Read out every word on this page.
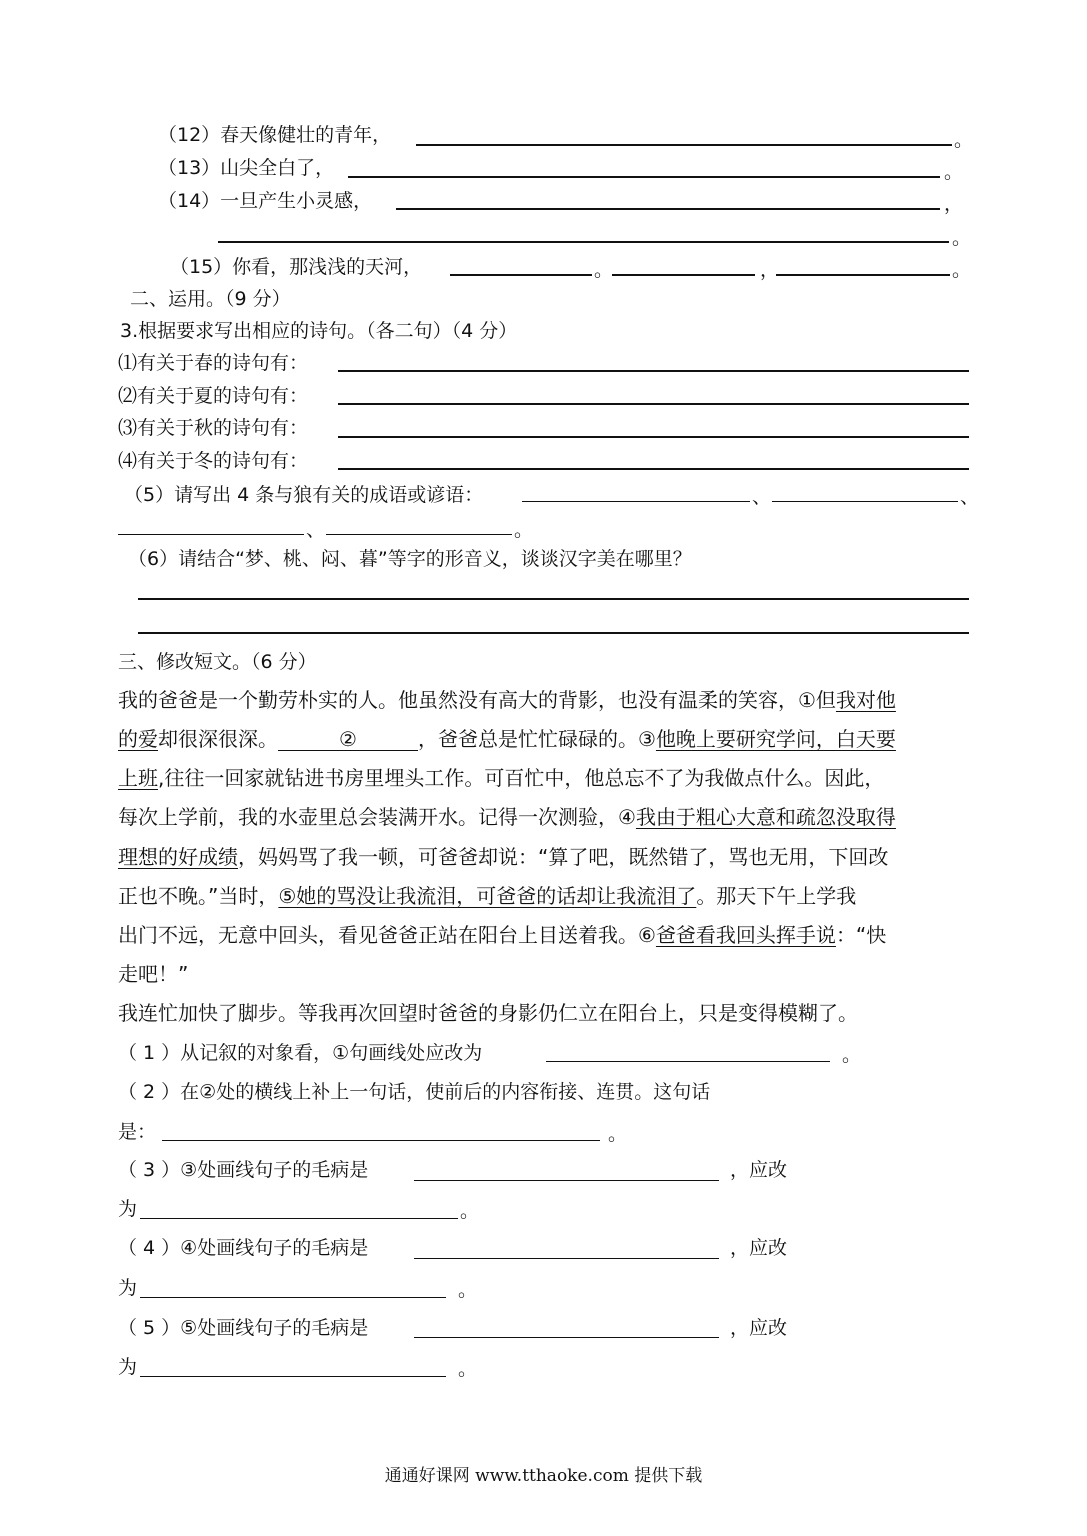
（12）春天像健壮的青年，	。
（13）山尖全白了，	。
（14）一旦产生小灵感，	，
。
（15）你看，那浅浅的天河，	。	，	。
二、运用。（9 分）
3.根据要求写出相应的诗句。（各二句）（4 分）
⑴有关于春的诗句有：
⑵有关于夏的诗句有：
⑶有关于秋的诗句有：
⑷有关于冬的诗句有：
（5）请写出 4 条与狼有关的成语或谚语：	、	、
、	。
（6）请结合“梦、桃、闷、暮”等字的形音义，谈谈汉字美在哪里？
三、修改短文。（6 分）
我的爸爸是一个勤劳朴实的人。他虽然没有高大的背影，也没有温柔的笑容，①但我对他
的爱却很深很深。	②	，爸爸总是忙忙碌碌的。③他晚上要研究学问，白天要
上班,往往一回家就钻进书房里埋头工作。可百忙中，他总忘不了为我做点什么。因此，
每次上学前，我的水壶里总会装满开水。记得一次测验，④我由于粗心大意和疏忽没取得
理想的好成绩，妈妈骂了我一顿，可爸爸却说：“算了吧，既然错了，骂也无用，下回改
正也不晚。”当时，⑤她的骂没让我流泪，可爸爸的话却让我流泪了。那天下午上学我
出门不远，无意中回头，看见爸爸正站在阳台上目送着我。⑥爸爸看我回头挥手说：“快
走吧！”
我连忙加快了脚步。等我再次回望时爸爸的身影仍仁立在阳台上，只是变得模糊了。
（ 1 ）从记叙的对象看，①句画线处应改为	。
（ 2 ）在②处的横线上补上一句话，使前后的内容衔接、连贯。这句话
是：	。
（ 3 ）③处画线句子的毛病是	，应改
为	。
（ 4 ）④处画线句子的毛病是	，应改
为	。
（ 5 ）⑤处画线句子的毛病是	，应改
为	。
通通好课网 www.tthaoke.com 提供下载
